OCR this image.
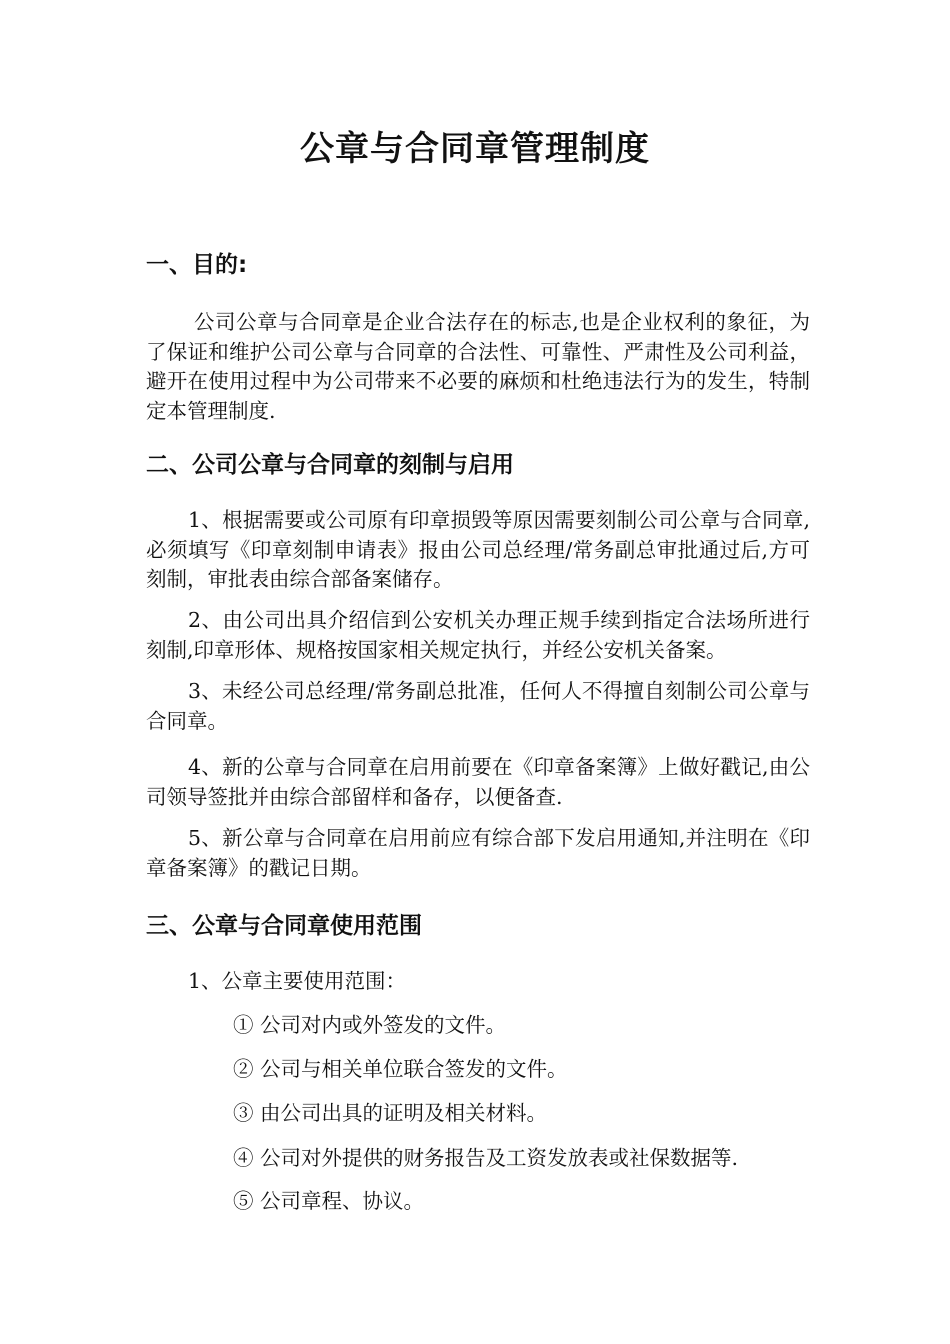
公章与合同章管理制度
一、目的:
公司公章与合同章是企业合法存在的标志,也是企业权利的象征，为了保证和维护公司公章与合同章的合法性、可靠性、严肃性及公司利益，避开在使用过程中为公司带来不必要的麻烦和杜绝违法行为的发生，特制定本管理制度.
二、公司公章与合同章的刻制与启用
1、根据需要或公司原有印章损毁等原因需要刻制公司公章与合同章,必须填写《印章刻制申请表》报由公司总经理/常务副总审批通过后,方可刻制，审批表由综合部备案储存。
2、由公司出具介绍信到公安机关办理正规手续到指定合法场所进行刻制,印章形体、规格按国家相关规定执行，并经公安机关备案。
3、未经公司总经理/常务副总批准，任何人不得擅自刻制公司公章与合同章。
4、新的公章与合同章在启用前要在《印章备案簿》上做好戳记,由公司领导签批并由综合部留样和备存，以便备查.
5、新公章与合同章在启用前应有综合部下发启用通知,并注明在《印章备案簿》的戳记日期。
三、公章与合同章使用范围
1、公章主要使用范围：
① 公司对内或外签发的文件。
② 公司与相关单位联合签发的文件。
③ 由公司出具的证明及相关材料。
④ 公司对外提供的财务报告及工资发放表或社保数据等.
⑤ 公司章程、协议。
